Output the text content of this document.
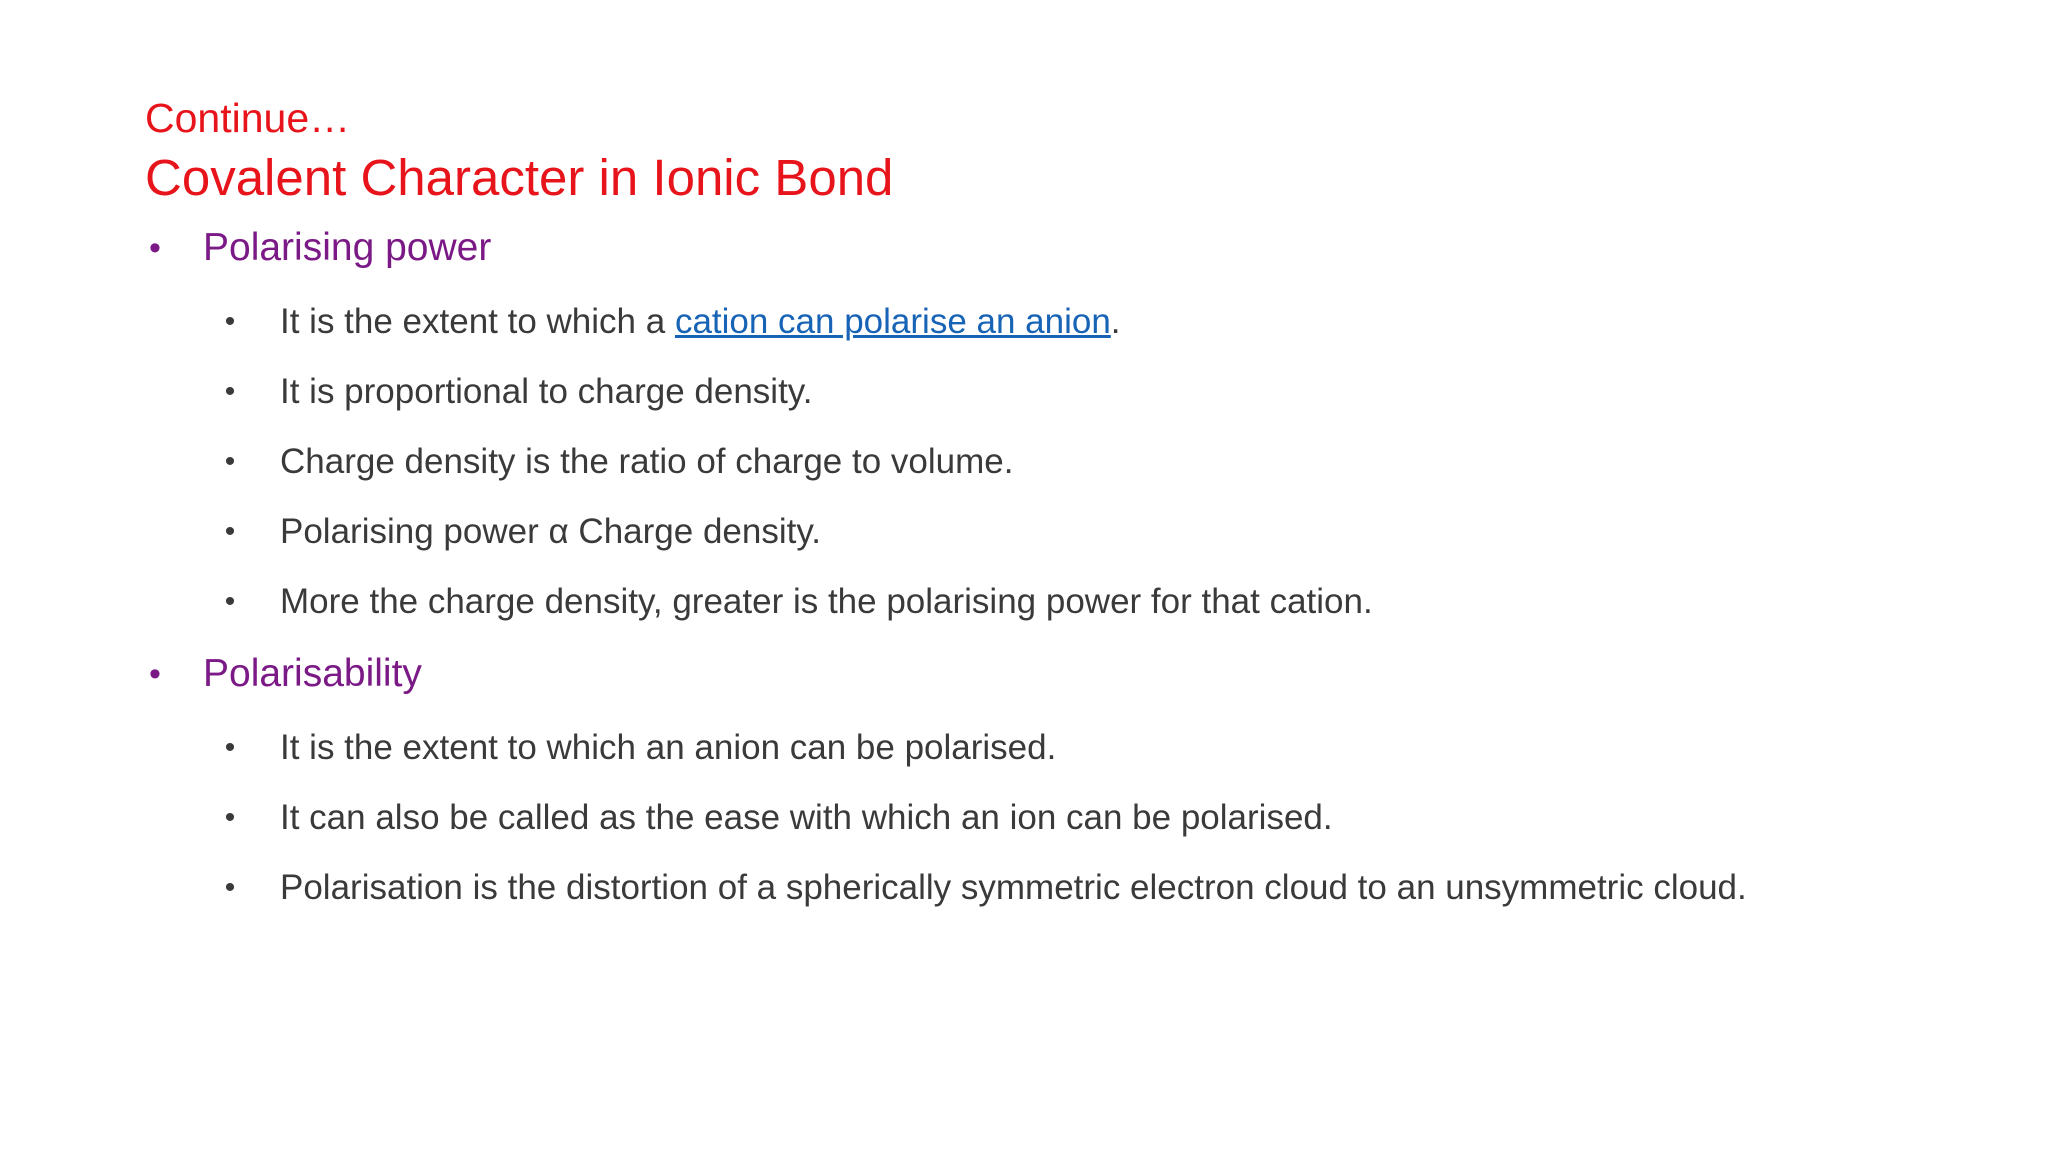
Continue…
Covalent Character in Ionic Bond
• Polarising power
• It is the extent to which a cation can polarise an anion.
• It is proportional to charge density.
• Charge density is the ratio of charge to volume.
• Polarising power α Charge density.
• More the charge density, greater is the polarising power for that cation.
• Polarisability
• It is the extent to which an anion can be polarised.
• It can also be called as the ease with which an ion can be polarised.
• Polarisation is the distortion of a spherically symmetric electron cloud to an unsymmetric cloud.
